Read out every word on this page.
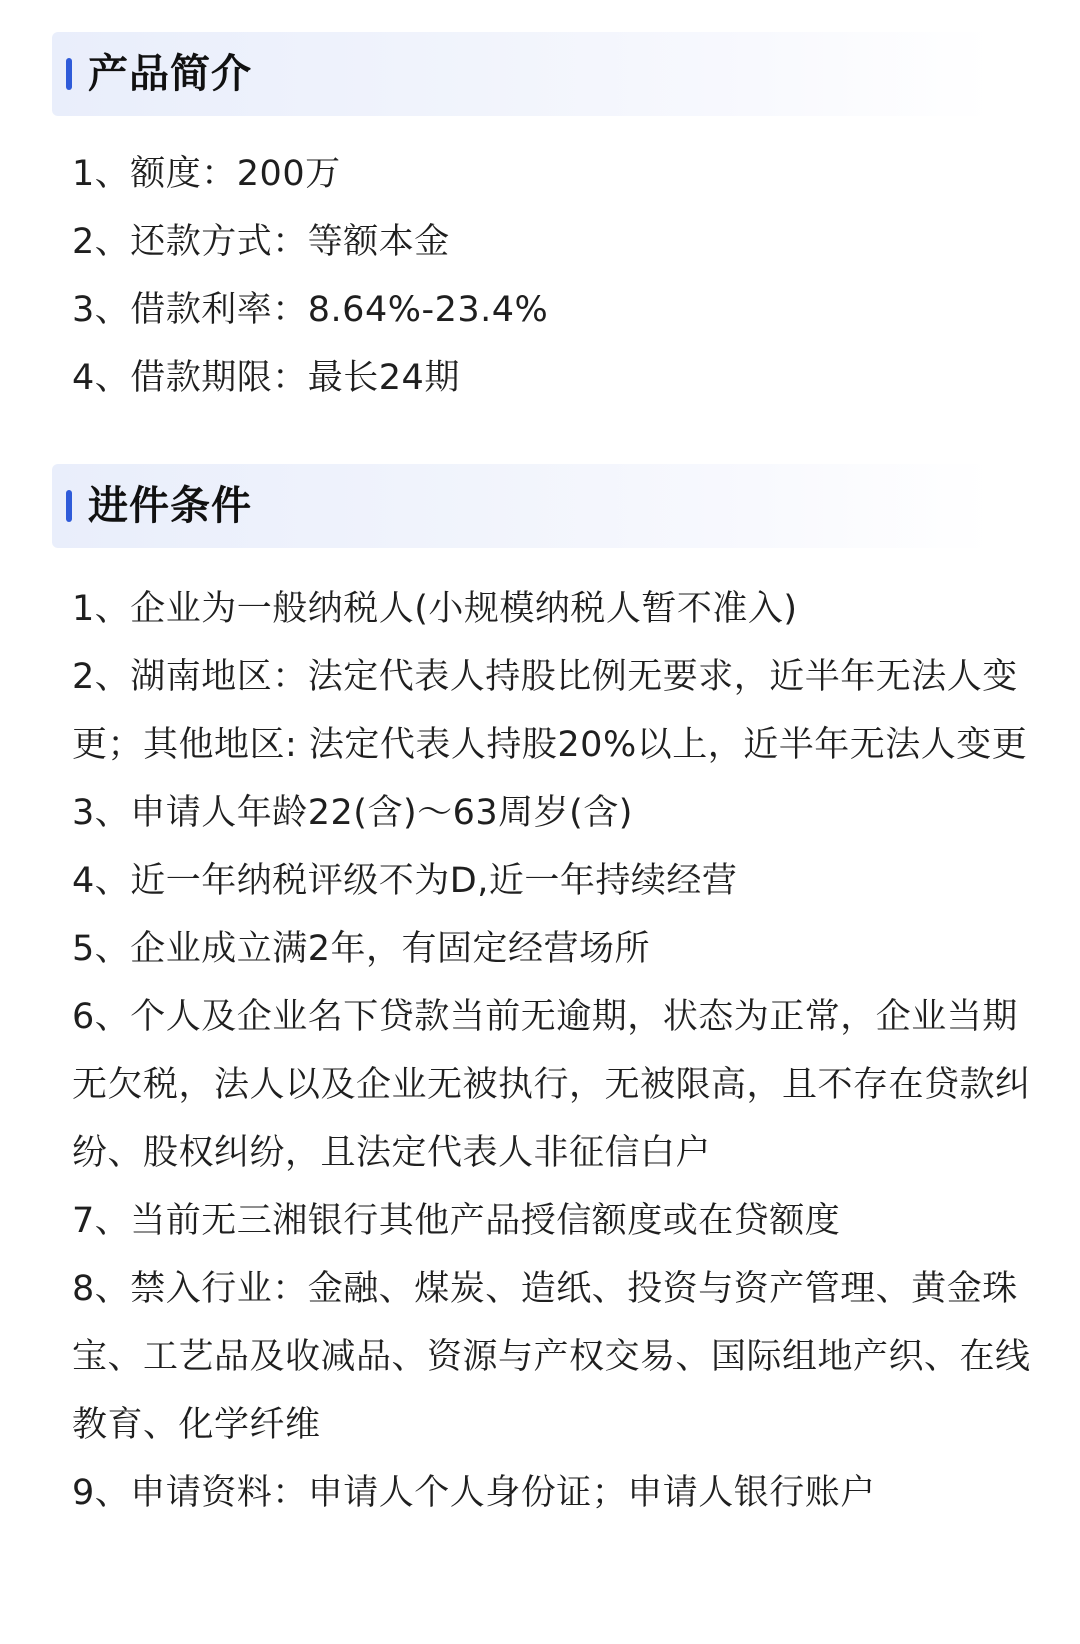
产品简介
1、额度：200万
2、还款方式：等额本金
3、借款利率：8.64%-23.4%
4、借款期限：最长24期
进件条件
1、企业为一般纳税人(小规模纳税人暂不准入)
2、湖南地区：法定代表人持股比例无要求，近半年无法人变更；其他地区: 法定代表人持股20%以上，近半年无法人变更
3、申请人年龄22(含)～63周岁(含)
4、近一年纳税评级不为D,近一年持续经营
5、企业成立满2年，有固定经营场所
6、个人及企业名下贷款当前无逾期，状态为正常，企业当期无欠税，法人以及企业无被执行，无被限高，且不存在贷款纠纷、股权纠纷，且法定代表人非征信白户
7、当前无三湘银行其他产品授信额度或在贷额度
8、禁入行业：金融、煤炭、造纸、投资与资产管理、黄金珠宝、工艺品及收减品、资源与产权交易、国际组地产织、在线教育、化学纤维
9、申请资料：申请人个人身份证；申请人银行账户
